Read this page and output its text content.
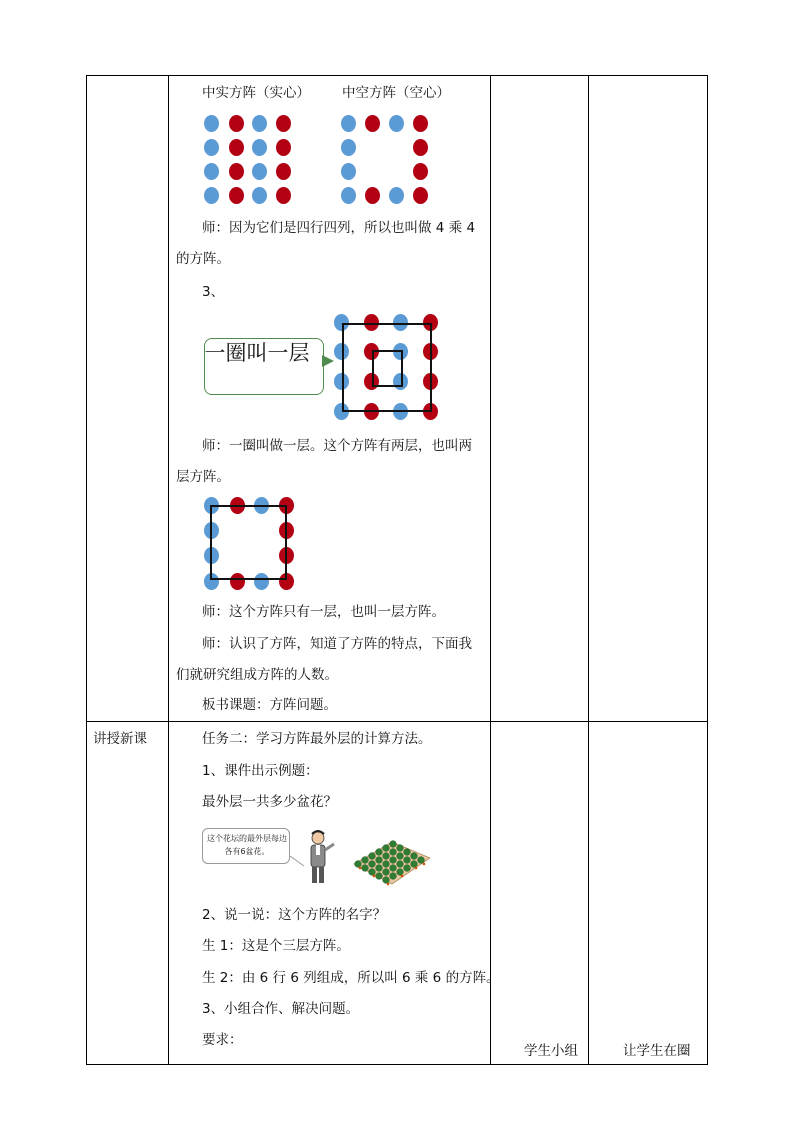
中实方阵（实心） 中空方阵（空心）
师：因为它们是四行四列，所以也叫做 4 乘 4
的方阵。
3、
一圈叫一层
师：一圈叫做一层。这个方阵有两层，也叫两
层方阵。
师：这个方阵只有一层，也叫一层方阵。
师：认识了方阵，知道了方阵的特点，下面我
们就研究组成方阵的人数。
板书课题：方阵问题。
讲授新课	任务二：学习方阵最外层的计算方法。
1、课件出示例题：
最外层一共多少盆花？
这个花坛的最外层每边各有6盆花。
2、说一说：这个方阵的名字？
生 1：这是个三层方阵。
生 2：由 6 行 6 列组成，所以叫 6 乘 6 的方阵。
3、小组合作、解决问题。
要求：
学生小组	让学生在圈
